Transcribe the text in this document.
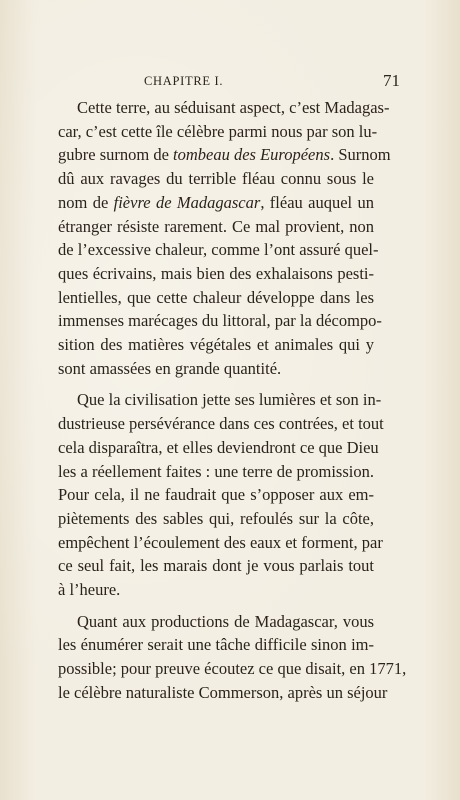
CHAPITRE I.	71
Cette terre, au séduisant aspect, c’est Madagas-
car, c’est cette île célèbre parmi nous par son lu-
gubre surnom de tombeau des Européens. Surnom
dû aux ravages du terrible fléau connu sous le
nom de fièvre de Madagascar, fléau auquel un
étranger résiste rarement. Ce mal provient, non
de l’excessive chaleur, comme l’ont assuré quel-
ques écrivains, mais bien des exhalaisons pesti-
lentielles, que cette chaleur développe dans les
immenses marécages du littoral, par la décompo-
sition des matières végétales et animales qui y
sont amassées en grande quantité.
Que la civilisation jette ses lumières et son in-
dustrieuse persévérance dans ces contrées, et tout
cela disparaîtra, et elles deviendront ce que Dieu
les a réellement faites : une terre de promission.
Pour cela, il ne faudrait que s’opposer aux em-
piètements des sables qui, refoulés sur la côte,
empêchent l’écoulement des eaux et forment, par
ce seul fait, les marais dont je vous parlais tout
à l’heure.
Quant aux productions de Madagascar, vous
les énumérer serait une tâche difficile sinon im-
possible; pour preuve écoutez ce que disait, en 1771,
le célèbre naturaliste Commerson, après un séjour
